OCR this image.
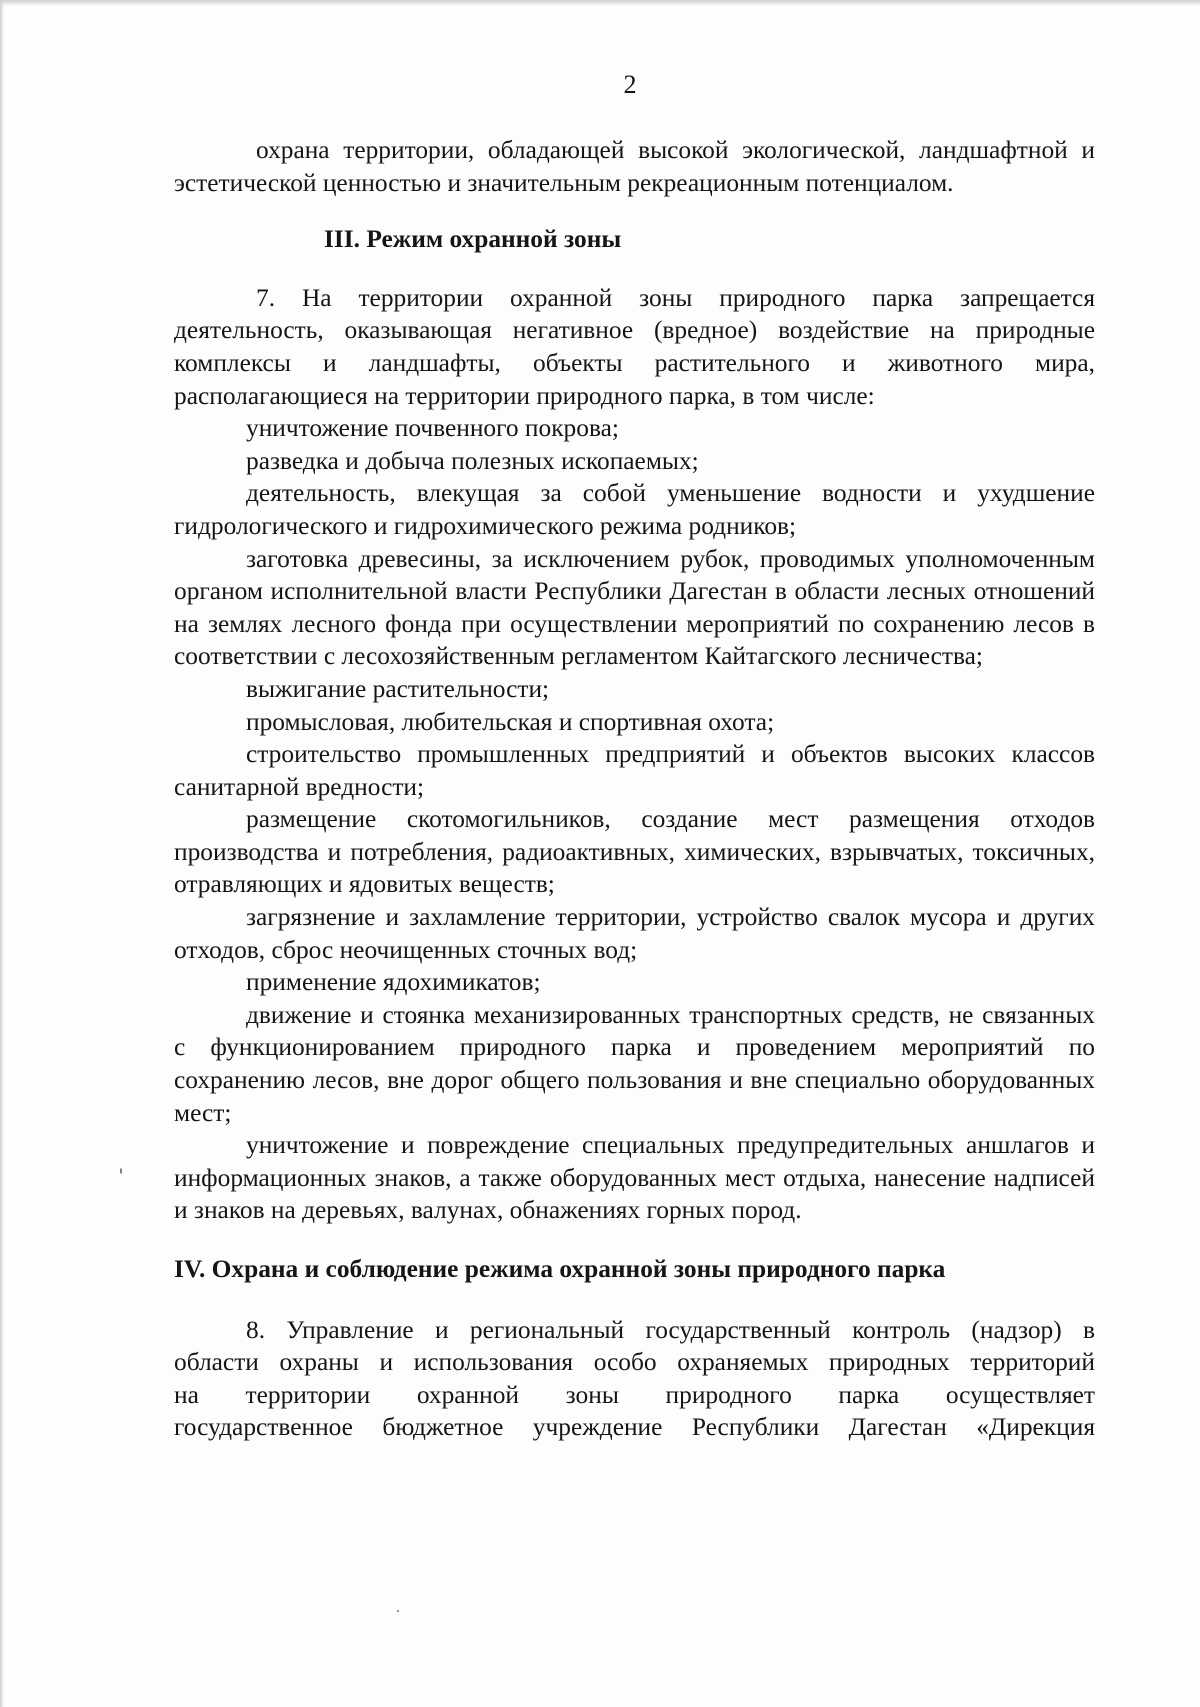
2

охрана территории, обладающей высокой экологической, ландшафтной и эстетической ценностью и значительным рекреационным потенциалом.

III. Режим охранной зоны

7. На территории охранной зоны природного парка запрещается деятельность, оказывающая негативное (вредное) воздействие на природные комплексы и ландшафты, объекты растительного и животного мира, располагающиеся на территории природного парка, в том числе:

уничтожение почвенного покрова;

разведка и добыча полезных ископаемых;

деятельность, влекущая за собой уменьшение водности и ухудшение гидрологического и гидрохимического режима родников;

заготовка древесины, за исключением рубок, проводимых уполномоченным органом исполнительной власти Республики Дагестан в области лесных отношений на землях лесного фонда при осуществлении мероприятий по сохранению лесов в соответствии с лесохозяйственным регламентом Кайтагского лесничества;

выжигание растительности;

промысловая, любительская и спортивная охота;

строительство промышленных предприятий и объектов высоких классов санитарной вредности;

размещение скотомогильников, создание мест размещения отходов производства и потребления, радиоактивных, химических, взрывчатых, токсичных, отравляющих и ядовитых веществ;

загрязнение и захламление территории, устройство свалок мусора и других отходов, сброс неочищенных сточных вод;

применение ядохимикатов;

движение и стоянка механизированных транспортных средств, не связанных с функционированием природного парка и проведением мероприятий по сохранению лесов, вне дорог общего пользования и вне специально оборудованных мест;

уничтожение и повреждение специальных предупредительных аншлагов и информационных знаков, а также оборудованных мест отдыха, нанесение надписей и знаков на деревьях, валунах, обнажениях горных пород.

IV. Охрана и соблюдение режима охранной зоны природного парка

8. Управление и региональный государственный контроль (надзор) в

области охраны и использования особо охраняемых природных территорий

на территории охранной зоны природного парка осуществляет

государственное бюджетное учреждение Республики Дагестан «Дирекция
